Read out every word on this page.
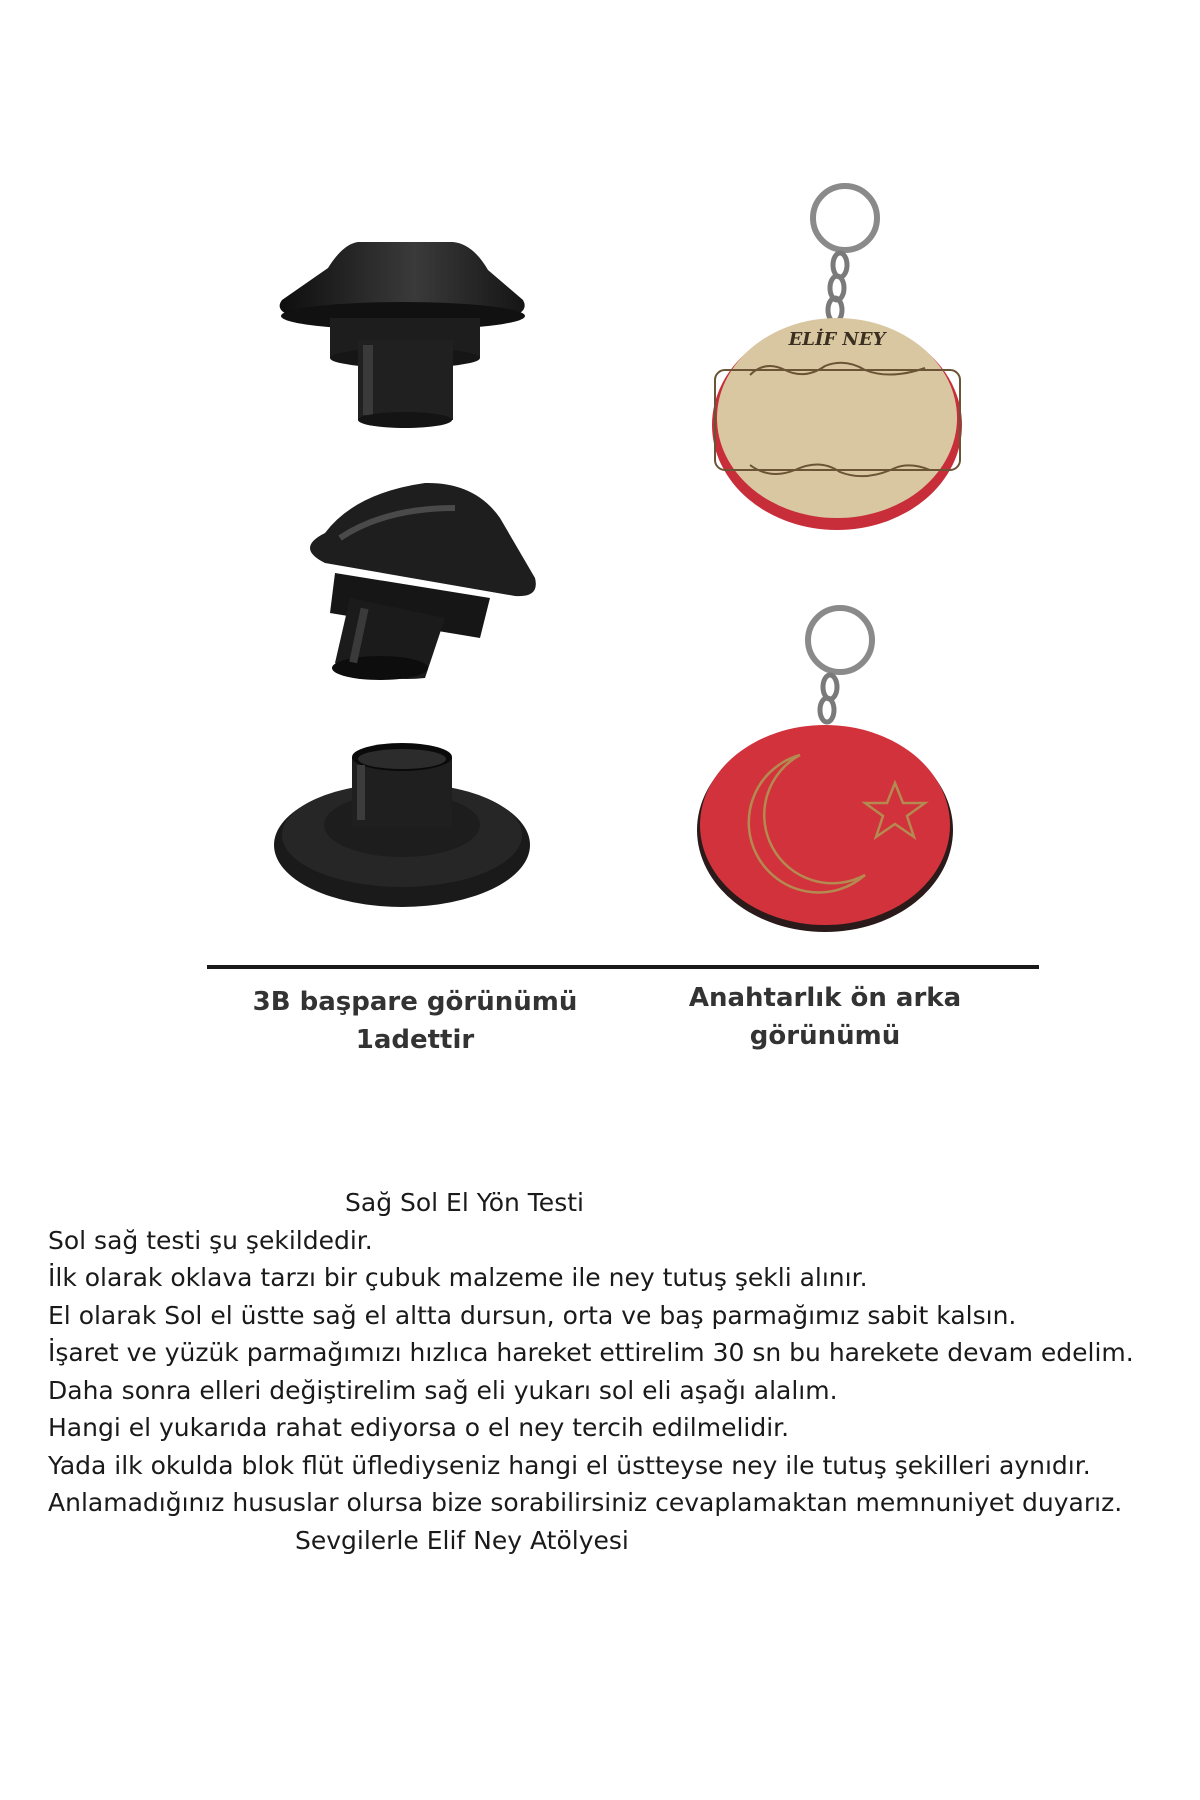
ELİF NEY
3B başpare görünümü
1adettir
Anahtarlık ön arka
görünümü
Sağ Sol El Yön Testi
Sol sağ testi şu şekildedir.
İlk olarak oklava tarzı bir çubuk malzeme ile ney tutuş şekli alınır.
El olarak Sol el üstte sağ el altta dursun, orta ve baş parmağımız sabit kalsın.
İşaret ve yüzük parmağımızı hızlıca hareket ettirelim 30 sn bu harekete devam edelim.
Daha sonra elleri değiştirelim sağ eli yukarı sol eli aşağı alalım.
Hangi el yukarıda rahat ediyorsa o el ney tercih edilmelidir.
Yada ilk okulda blok flüt üflediyseniz hangi el üstteyse ney ile tutuş şekilleri aynıdır.
Anlamadığınız hususlar olursa bize sorabilirsiniz cevaplamaktan memnuniyet duyarız.
Sevgilerle Elif Ney Atölyesi
